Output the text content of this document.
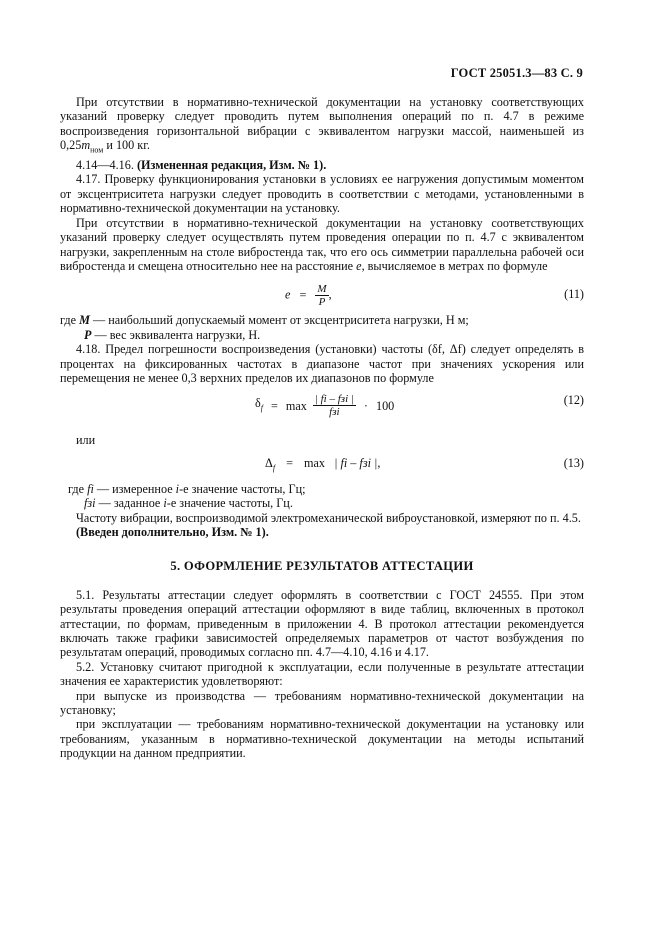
ГОСТ 25051.3—83 С. 9

При отсутствии в нормативно-технической документации на установку соответствующих указаний проверку следует проводить путем выполнения операций по п. 4.7 в режиме воспроизведения горизонтальной вибрации с эквивалентом нагрузки массой, наименьшей из $0,25m_{ном}$ и 100 кг.

4.14—4.16. (Измененная редакция, Изм. № 1).

4.17. Проверку функционирования установки в условиях ее нагружения допустимым моментом от эксцентриситета нагрузки следует проводить в соответствии с методами, установленными в нормативно-технической документации на установку.

При отсутствии в нормативно-технической документации на установку соответствующих указаний проверку следует осуществлять путем проведения операции по п. 4.7 с эквивалентом нагрузки, закрепленным на столе вибростенда так, что его ось симметрии параллельна рабочей оси вибростенда и смещена относительно нее на расстояние e, вычисляемое в метрах по формуле

$e = \frac{M}{P}$ ,	(11)

где M — наибольший допускаемый момент от эксцентриситета нагрузки, Н м;

P — вес эквивалента нагрузки, Н.

4.18. Предел погрешности воспроизведения (установки) частоты (δf, Δf) следует определять в процентах на фиксированных частотах в диапазоне частот при значениях ускорения или перемещения не менее 0,3 верхних пределов их диапазонов по формуле

$\delta_f = \max \frac{\text{| fi – fзi |}}{\text{fзi}} \cdot 100$	(12)

или

$\Delta_f = \max$ | fi – fзi |,	(13)

где fi — измеренное i-е значение частоты, Гц;

fзi — заданное i-е значение частоты, Гц.

Частоту вибрации, воспроизводимой электромеханической виброустановкой, измеряют по п. 4.5.

(Введен дополнительно, Изм. № 1).

5. ОФОРМЛЕНИЕ РЕЗУЛЬТАТОВ АТТЕСТАЦИИ

5.1. Результаты аттестации следует оформлять в соответствии с ГОСТ 24555. При этом результаты проведения операций аттестации оформляют в виде таблиц, включенных в протокол аттестации, по формам, приведенным в приложении 4. В протокол аттестации рекомендуется включать также графики зависимостей определяемых параметров от частот возбуждения по результатам операций, проводимых согласно пп. 4.7—4.10, 4.16 и 4.17.

5.2. Установку считают пригодной к эксплуатации, если полученные в результате аттестации значения ее характеристик удовлетворяют:

при выпуске из производства — требованиям нормативно-технической документации на установку;

при эксплуатации — требованиям нормативно-технической документации на установку или требованиям, указанным в нормативно-технической документации на методы испытаний продукции на данном предприятии.
